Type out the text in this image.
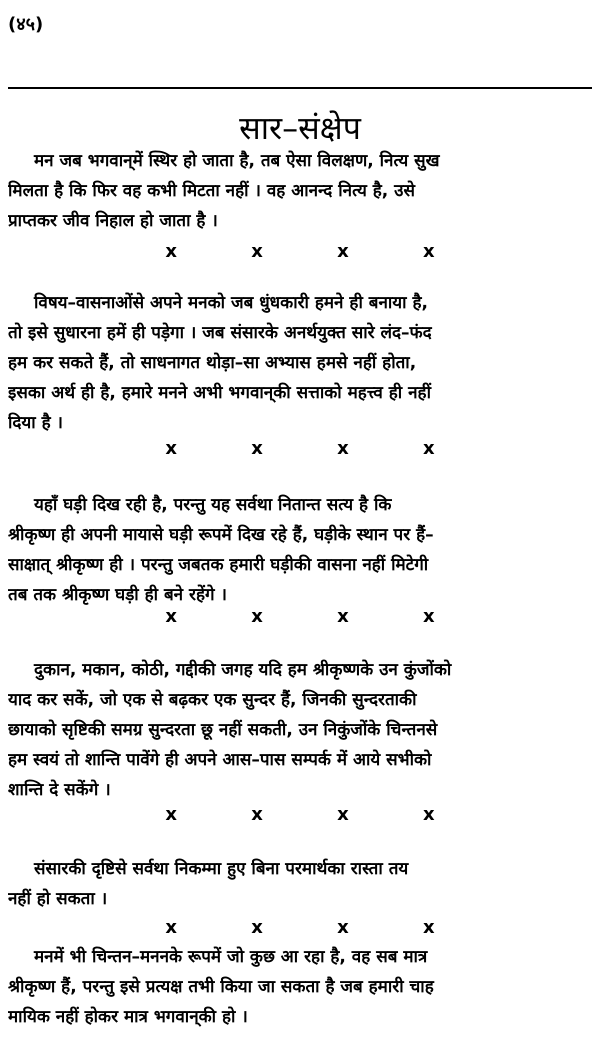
(४५)
सार–संक्षेप
मन जब भगवान्‌में स्थिर हो जाता है, तब ऐसा विलक्षण, नित्य सुख
मिलता है कि फिर वह कभी मिटता नहीं । वह आनन्द नित्य है, उसे
प्राप्तकर जीव निहाल हो जाता है ।
x x x x
विषय–वासनाओंसे अपने मनको जब धुंधकारी हमने ही बनाया है,
तो इसे सुधारना हमें ही पड़ेगा । जब संसारके अनर्थयुक्त सारे लंद–फंद
हम कर सकते हैं, तो साधनागत थोड़ा–सा अभ्यास हमसे नहीं होता,
इसका अर्थ ही है, हमारे मनने अभी भगवान्‌की सत्ताको महत्त्व ही नहीं
दिया है ।
x x x x
यहाँ घड़ी दिख रही है, परन्तु यह सर्वथा नितान्त सत्य है कि
श्रीकृष्ण ही अपनी मायासे घड़ी रूपमें दिख रहे हैं, घड़ीके स्थान पर हैं–
साक्षात् श्रीकृष्ण ही । परन्तु जबतक हमारी घड़ीकी वासना नहीं मिटेगी
तब तक श्रीकृष्ण घड़ी ही बने रहेंगे ।
x x x x
दुकान, मकान, कोठी, गद्दीकी जगह यदि हम श्रीकृष्णके उन कुंजोंको
याद कर सकें, जो एक से बढ़कर एक सुन्दर हैं, जिनकी सुन्दरताकी
छायाको सृष्टिकी समग्र सुन्दरता छू नहीं सकती, उन निकुंजोंके चिन्तनसे
हम स्वयं तो शान्ति पावेंगे ही अपने आस–पास सम्पर्क में आये सभीको
शान्ति दे सकेंगे ।
x x x x
संसारकी दृष्टिसे सर्वथा निकम्मा हुए बिना परमार्थका रास्ता तय
नहीं हो सकता ।
x x x x
मनमें भी चिन्तन–मननके रूपमें जो कुछ आ रहा है, वह सब मात्र
श्रीकृष्ण हैं, परन्तु इसे प्रत्यक्ष तभी किया जा सकता है जब हमारी चाह
मायिक नहीं होकर मात्र भगवान्‌की हो ।
